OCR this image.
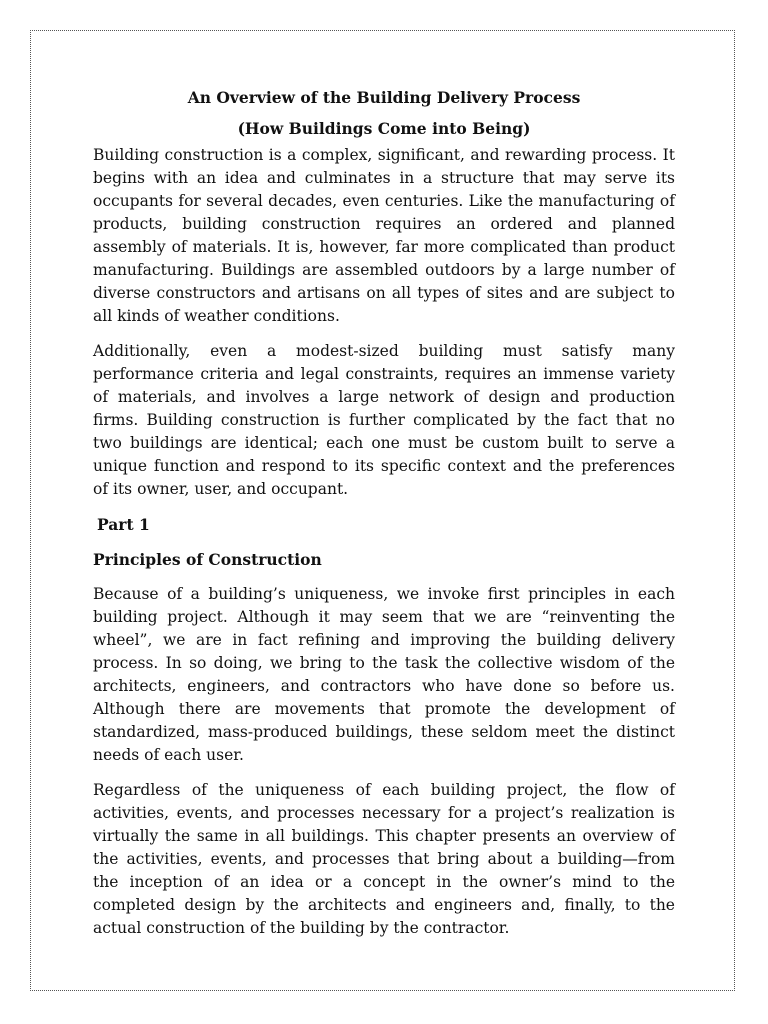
An Overview of the Building Delivery Process

(How Buildings Come into Being)

Building construction is a complex, significant, and rewarding process. It begins with an idea and culminates in a structure that may serve its occupants for several decades, even centuries. Like the manufacturing of products, building construction requires an ordered and planned assembly of materials. It is, however, far more complicated than product manufacturing. Buildings are assembled outdoors by a large number of diverse constructors and artisans on all types of sites and are subject to all kinds of weather conditions.

Additionally, even a modest-sized building must satisfy many performance criteria and legal constraints, requires an immense variety of materials, and involves a large network of design and production firms. Building construction is further complicated by the fact that no two buildings are identical; each one must be custom built to serve a unique function and respond to its specific context and the preferences of its owner, user, and occupant.

Part 1

Principles of Construction

Because of a building’s uniqueness, we invoke first principles in each building project. Although it may seem that we are “reinventing the wheel”, we are in fact refining and improving the building delivery process. In so doing, we bring to the task the collective wisdom of the architects, engineers, and contractors who have done so before us. Although there are movements that promote the development of standardized, mass-produced buildings, these seldom meet the distinct needs of each user.

Regardless of the uniqueness of each building project, the flow of activities, events, and processes necessary for a project’s realization is virtually the same in all buildings. This chapter presents an overview of the activities, events, and processes that bring about a building—from the inception of an idea or a concept in the owner’s mind to the completed design by the architects and engineers and, finally, to the actual construction of the building by the contractor.
